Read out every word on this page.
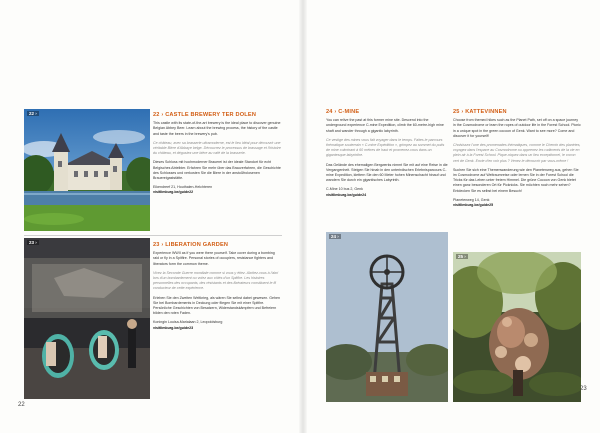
22 ›	22 › CASTLE BREWERY TER DOLEN

This castle with its state-of-the-art brewery is the ideal place to discover genuine Belgian Abbey Beer. Learn about the brewing process, the history of the castle and taste the beers in the brewery's pub.

Ce château, avec sa brasserie ultramoderne, est le lieu idéal pour découvrir une véritable Bière d'Abbaye belge. Découvrez le processus de brassage et l'histoire du château, et dégustez une bière au café de la brasserie.

Dieses Schloss mit hochmoderner Brauerei ist der ideale Standort für echt Belgisches Abteibier. Erfahren Sie mehr über das Brauverfahren, die Geschichte des Schlosses und verkosten Sie die Biere in der anstoßfrolosenen Brauereigaststätte.

Eikendreef 21, Houthalen-Helchteren

visitlimburg.be/guide22

23 ›	23 › LIBERATION GARDEN

Experience WWII as if you were there yourself. Take cover during a bombing raid or fly in a Spitfire. Personal stories of occupiers, resistance fighters and liberators form the common theme.

Vivez la Seconde Guerre mondiale comme si vous y étiez. Abritez-vous à l'abri lors d'un bombardement ou volez aux côtés d'un Spitfire. Les histoires personnelles des occupants, des résistants et des libérateurs constituent le fil conducteur de cette expérience.

Erleben Sie den Zweiten Weltkrieg, als wären Sie selbst dabei gewesen. Gehen Sie bei Bombardements in Deckung oder fliegen Sie mit einer Spitfire. Persönliche Geschichten von Besatzern, Widerstandskämpfern und Befreiern bilden den roten Faden.

Koningin Louisa-Marialaan 2, Leopoldsburg

visitlimburg.be/guide23

22
24 › C-MINE

You can relive the past at this former mine site. Descend into the underground experience C-mine Expedition, climb the 60-metre-high mine shaft and wander through a gigantic labyrinth.

Ce vestige des mines vous fait voyager dans le temps. Faites le parcours thématique souterrain « C-mine Expédition », grimpez au sommet du puits de mine culminant à 60 mètres de haut et promenez-vous dans un gigantesque labyrinthe.

Das Gelände des ehemaligen Bergwerks nimmt Sie mit auf eine Reise in die Vergangenheit. Steigen Sie hinab in den unterirdischen Erlebnisparcours C-mine Expedition, klettern Sie den 60 Meter hohen Minenschacht hinauf und wandern Sie durch ein gigantisches Labyrinth.

C-Mine 10 bus 2, Genk

visitlimburg.be/guide24

24 ›
25 › KATTEVINNEN

Choose from themed hikes such as the Planet Path, set off on a space journey in the Cosmodrome or learn the ropes of outdoor life in the Forest School. Picnic in a unique spot in the green cocoon of Genk. Want to see more? Come and discover it for yourself!

Choisissez l'une des promenades thématiques, comme le Chemin des planètes, voyagez dans l'espace au Cosmodrome ou apprenez les rudiments de la vie en plein air à la Forest School. Pique-niquez dans un lieu exceptionnel, le cocon vert de Genk. Envie d'en voir plus ? Venez le découvrir par vous-même !

Suchen Sie sich eine Themenwanderung wie den Planetenweg aus, gehen Sie im Cosmodrome auf Weltraumreise oder lernen Sie in der Forest School die Tricks für das Leben unter freiem Himmel. Die grüne Cocoon von Genk bietet einen ganz besonderen Ort für Picknicks. Sie möchten noch mehr sehen? Entdecken Sie es selbst bei einem Besuch!

Planetenweg 14, Genk

visitlimburg.be/guide25

25 ›
23
